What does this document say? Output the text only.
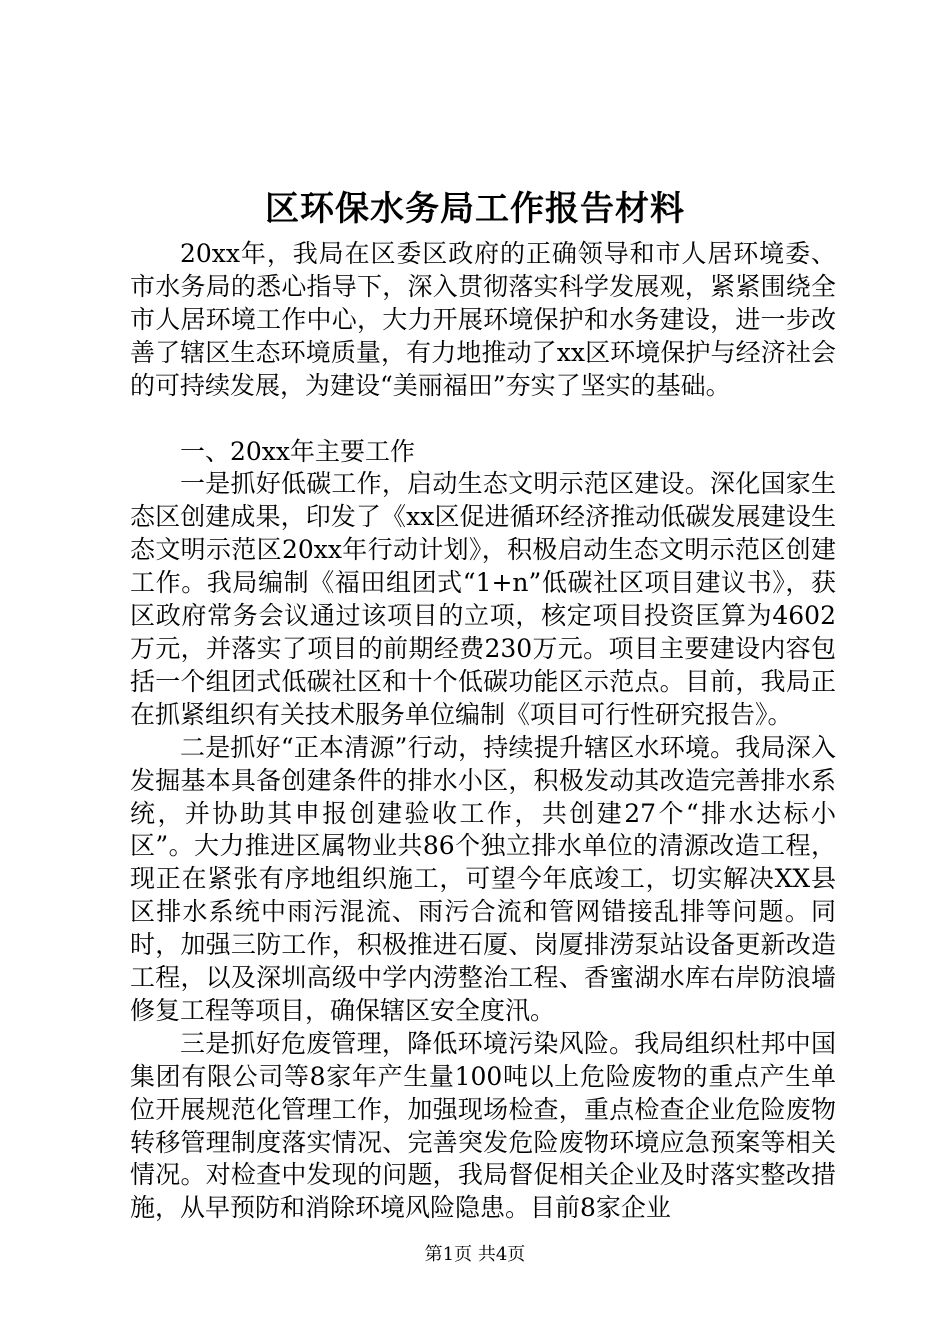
区环保水务局工作报告材料

20xx年，我局在区委区政府的正确领导和市人居环境委、市水务局的悉心指导下，深入贯彻落实科学发展观，紧紧围绕全市人居环境工作中心，大力开展环境保护和水务建设，进一步改善了辖区生态环境质量，有力地推动了xx区环境保护与经济社会的可持续发展，为建设“美丽福田”夯实了坚实的基础。

一、20xx年主要工作

一是抓好低碳工作，启动生态文明示范区建设。深化国家生态区创建成果，印发了《xx区促进循环经济推动低碳发展建设生态文明示范区20xx年行动计划》，积极启动生态文明示范区创建工作。我局编制《福田组团式“1+n”低碳社区项目建议书》，获区政府常务会议通过该项目的立项，核定项目投资匡算为4602万元，并落实了项目的前期经费230万元。项目主要建设内容包括一个组团式低碳社区和十个低碳功能区示范点。目前，我局正在抓紧组织有关技术服务单位编制《项目可行性研究报告》。

二是抓好“正本清源”行动，持续提升辖区水环境。我局深入发掘基本具备创建条件的排水小区，积极发动其改造完善排水系统，并协助其申报创建验收工作，共创建27个“排水达标小区”。大力推进区属物业共86个独立排水单位的清源改造工程，现正在紧张有序地组织施工，可望今年底竣工，切实解决XX县区排水系统中雨污混流、雨污合流和管网错接乱排等问题。同时，加强三防工作，积极推进石厦、岗厦排涝泵站设备更新改造工程，以及深圳高级中学内涝整治工程、香蜜湖水库右岸防浪墙修复工程等项目，确保辖区安全度汛。

三是抓好危废管理，降低环境污染风险。我局组织杜邦中国集团有限公司等8家年产生量100吨以上危险废物的重点产生单位开展规范化管理工作，加强现场检查，重点检查企业危险废物转移管理制度落实情况、完善突发危险废物环境应急预案等相关情况。对检查中发现的问题，我局督促相关企业及时落实整改措施，从早预防和消除环境风险隐患。目前8家企业

第1页 共4页
